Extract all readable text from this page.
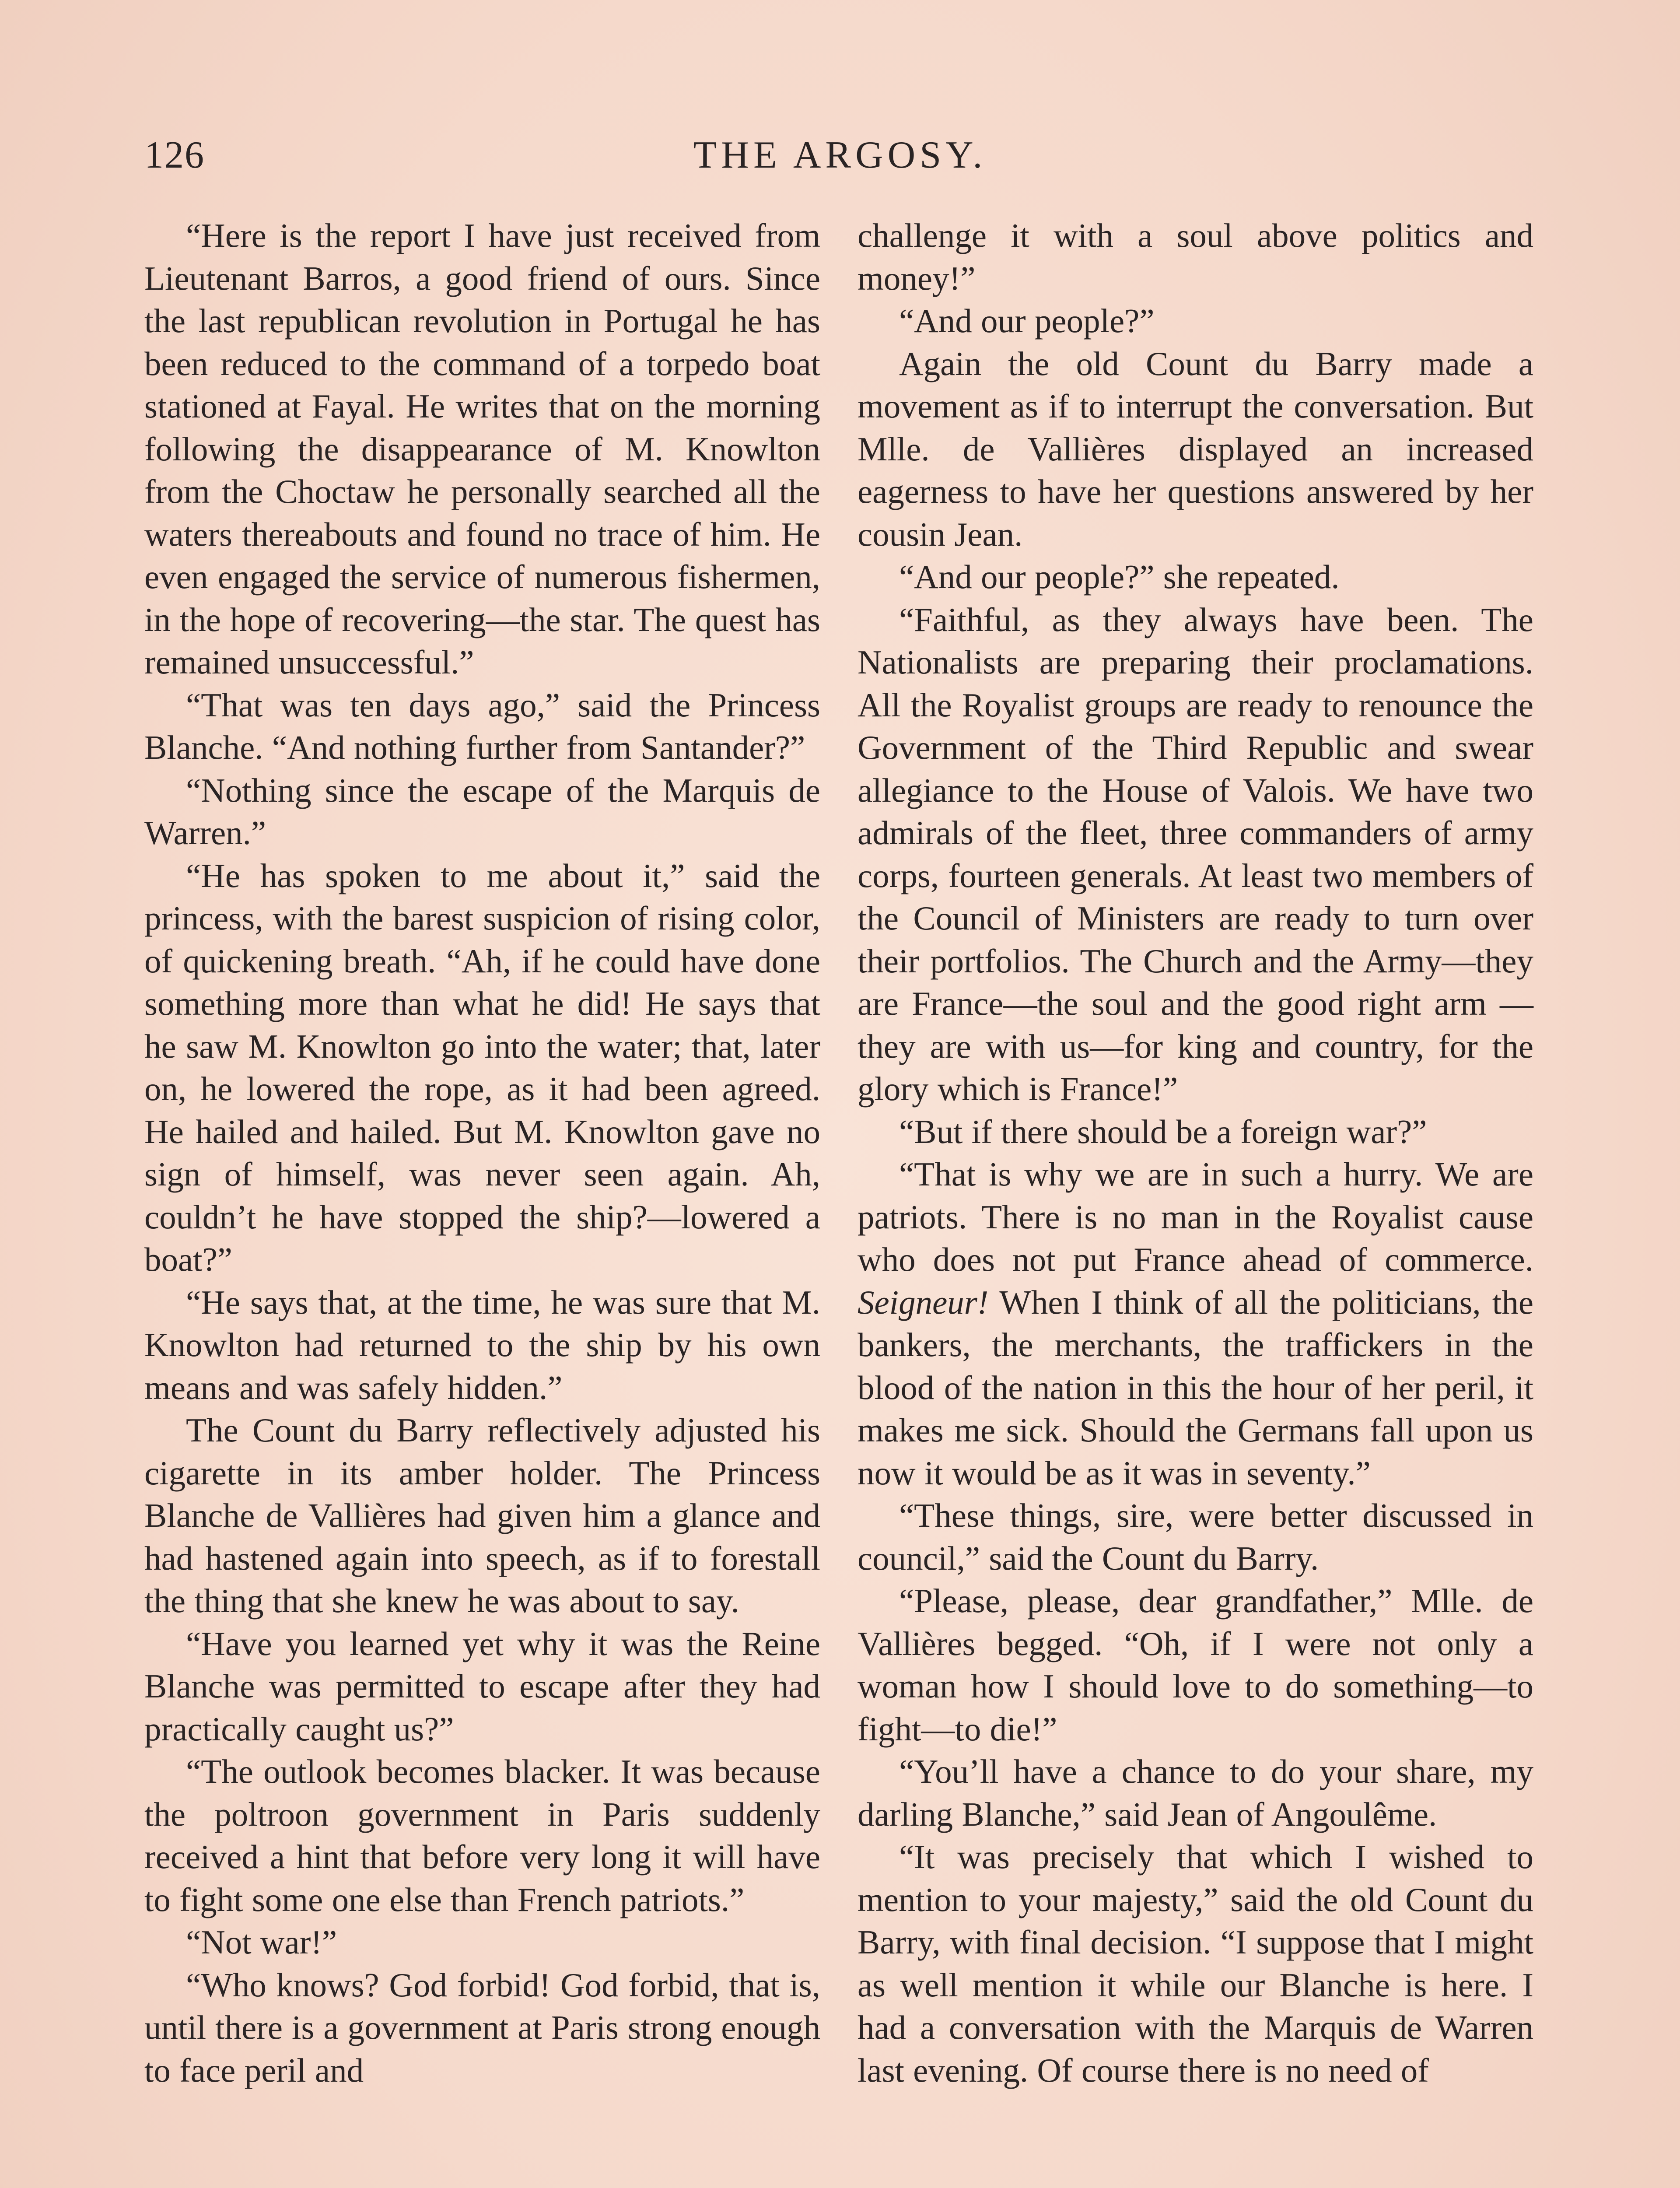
126	THE ARGOSY.

“Here is the report I have just received from Lieutenant Barros, a good friend of ours. Since the last republican revolution in Portugal he has been reduced to the command of a torpedo boat stationed at Fayal. He writes that on the morning following the disappearance of M. Knowlton from the Choctaw he personally searched all the waters thereabouts and found no trace of him. He even engaged the service of numerous fishermen, in the hope of recovering—the star. The quest has remained unsuccessful.”

“That was ten days ago,” said the Princess Blanche. “And nothing further from Santander?”

“Nothing since the escape of the Marquis de Warren.”

“He has spoken to me about it,” said the princess, with the barest suspicion of rising color, of quickening breath. “Ah, if he could have done something more than what he did! He says that he saw M. Knowlton go into the water; that, later on, he lowered the rope, as it had been agreed. He hailed and hailed. But M. Knowlton gave no sign of himself, was never seen again. Ah, couldn’t he have stopped the ship?—lowered a boat?”

“He says that, at the time, he was sure that M. Knowlton had returned to the ship by his own means and was safely hidden.”

The Count du Barry reflectively adjusted his cigarette in its amber holder. The Princess Blanche de Vallières had given him a glance and had hastened again into speech, as if to forestall the thing that she knew he was about to say.

“Have you learned yet why it was the Reine Blanche was permitted to escape after they had practically caught us?”

“The outlook becomes blacker. It was because the poltroon government in Paris suddenly received a hint that before very long it will have to fight some one else than French patriots.”

“Not war!”

“Who knows? God forbid! God forbid, that is, until there is a government at Paris strong enough to face peril and

challenge it with a soul above politics and money!”

“And our people?”

Again the old Count du Barry made a movement as if to interrupt the conversation. But Mlle. de Vallières displayed an increased eagerness to have her questions answered by her cousin Jean.

“And our people?” she repeated.

“Faithful, as they always have been. The Nationalists are preparing their proclamations. All the Royalist groups are ready to renounce the Government of the Third Republic and swear allegiance to the House of Valois. We have two admirals of the fleet, three commanders of army corps, fourteen generals. At least two members of the Council of Ministers are ready to turn over their portfolios. The Church and the Army—they are France—the soul and the good right arm —they are with us—for king and country, for the glory which is France!”

“But if there should be a foreign war?”

“That is why we are in such a hurry. We are patriots. There is no man in the Royalist cause who does not put France ahead of commerce. Seigneur! When I think of all the politicians, the bankers, the merchants, the traffickers in the blood of the nation in this the hour of her peril, it makes me sick. Should the Germans fall upon us now it would be as it was in seventy.”

“These things, sire, were better discussed in council,” said the Count du Barry.

“Please, please, dear grandfather,” Mlle. de Vallières begged. “Oh, if I were not only a woman how I should love to do something—to fight—to die!”

“You’ll have a chance to do your share, my darling Blanche,” said Jean of Angoulême.

“It was precisely that which I wished to mention to your majesty,” said the old Count du Barry, with final decision. “I suppose that I might as well mention it while our Blanche is here. I had a conversation with the Marquis de Warren last evening. Of course there is no need of
